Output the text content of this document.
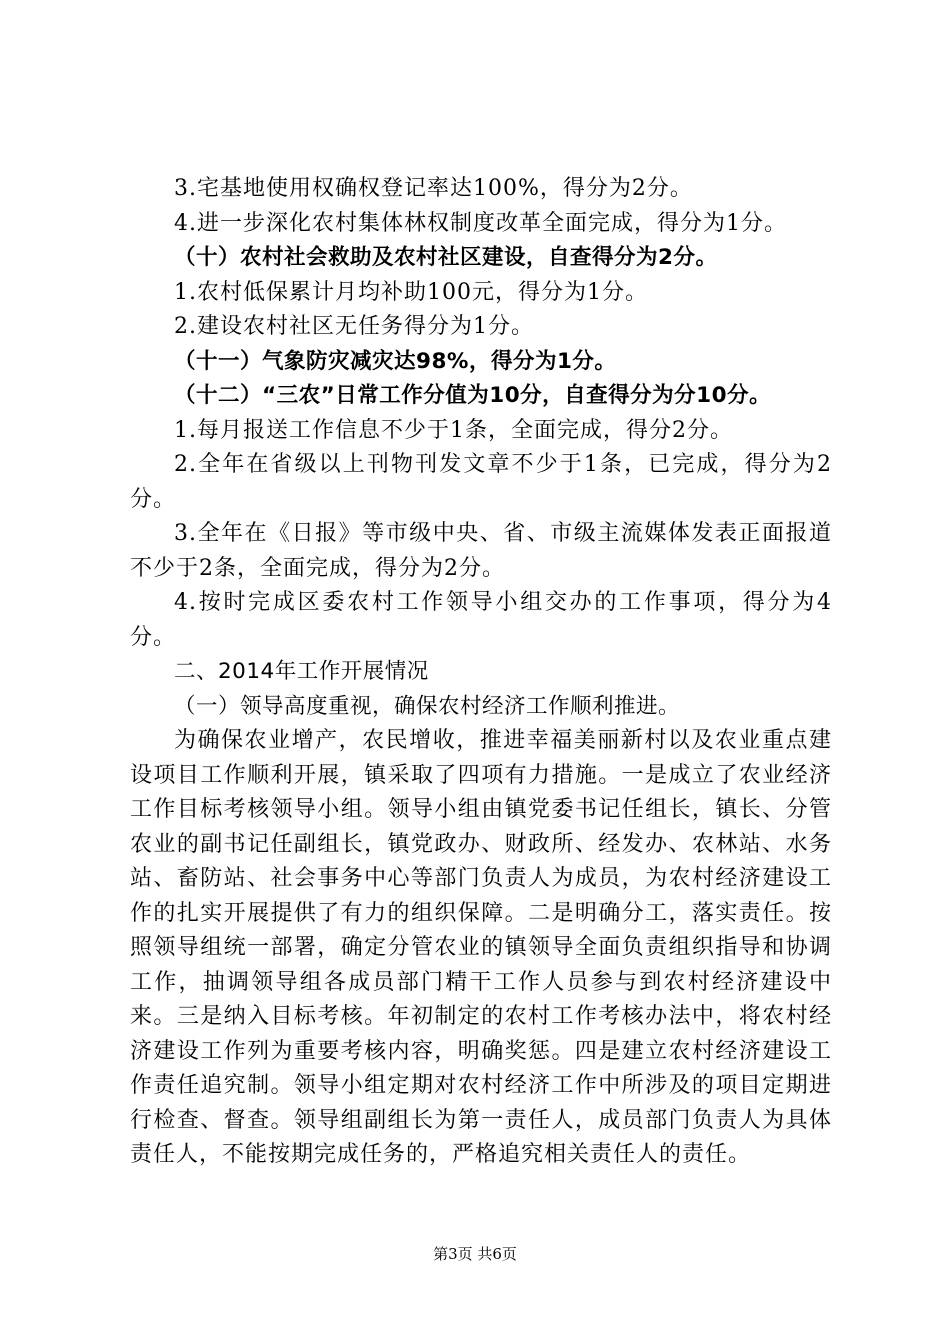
3.宅基地使用权确权登记率达100%，得分为2分。

4.进一步深化农村集体林权制度改革全面完成，得分为1分。

（十）农村社会救助及农村社区建设，自查得分为2分。

1.农村低保累计月均补助100元，得分为1分。

2.建设农村社区无任务得分为1分。

（十一）气象防灾减灾达98%，得分为1分。

（十二）“三农”日常工作分值为10分，自查得分为分10分。

1.每月报送工作信息不少于1条，全面完成，得分2分。

2.全年在省级以上刊物刊发文章不少于1条，已完成，得分为2分。

3.全年在《日报》等市级中央、省、市级主流媒体发表正面报道不少于2条，全面完成，得分为2分。

4.按时完成区委农村工作领导小组交办的工作事项，得分为4分。

二、2014年工作开展情况

（一）领导高度重视，确保农村经济工作顺利推进。

为确保农业增产，农民增收，推进幸福美丽新村以及农业重点建设项目工作顺利开展，镇采取了四项有力措施。一是成立了农业经济工作目标考核领导小组。领导小组由镇党委书记任组长，镇长、分管农业的副书记任副组长，镇党政办、财政所、经发办、农林站、水务站、畜防站、社会事务中心等部门负责人为成员，为农村经济建设工作的扎实开展提供了有力的组织保障。二是明确分工，落实责任。按照领导组统一部署，确定分管农业的镇领导全面负责组织指导和协调工作，抽调领导组各成员部门精干工作人员参与到农村经济建设中来。三是纳入目标考核。年初制定的农村工作考核办法中，将农村经济建设工作列为重要考核内容，明确奖惩。四是建立农村经济建设工作责任追究制。领导小组定期对农村经济工作中所涉及的项目定期进行检查、督查。领导组副组长为第一责任人，成员部门负责人为具体责任人，不能按期完成任务的，严格追究相关责任人的责任。

第3页 共6页
